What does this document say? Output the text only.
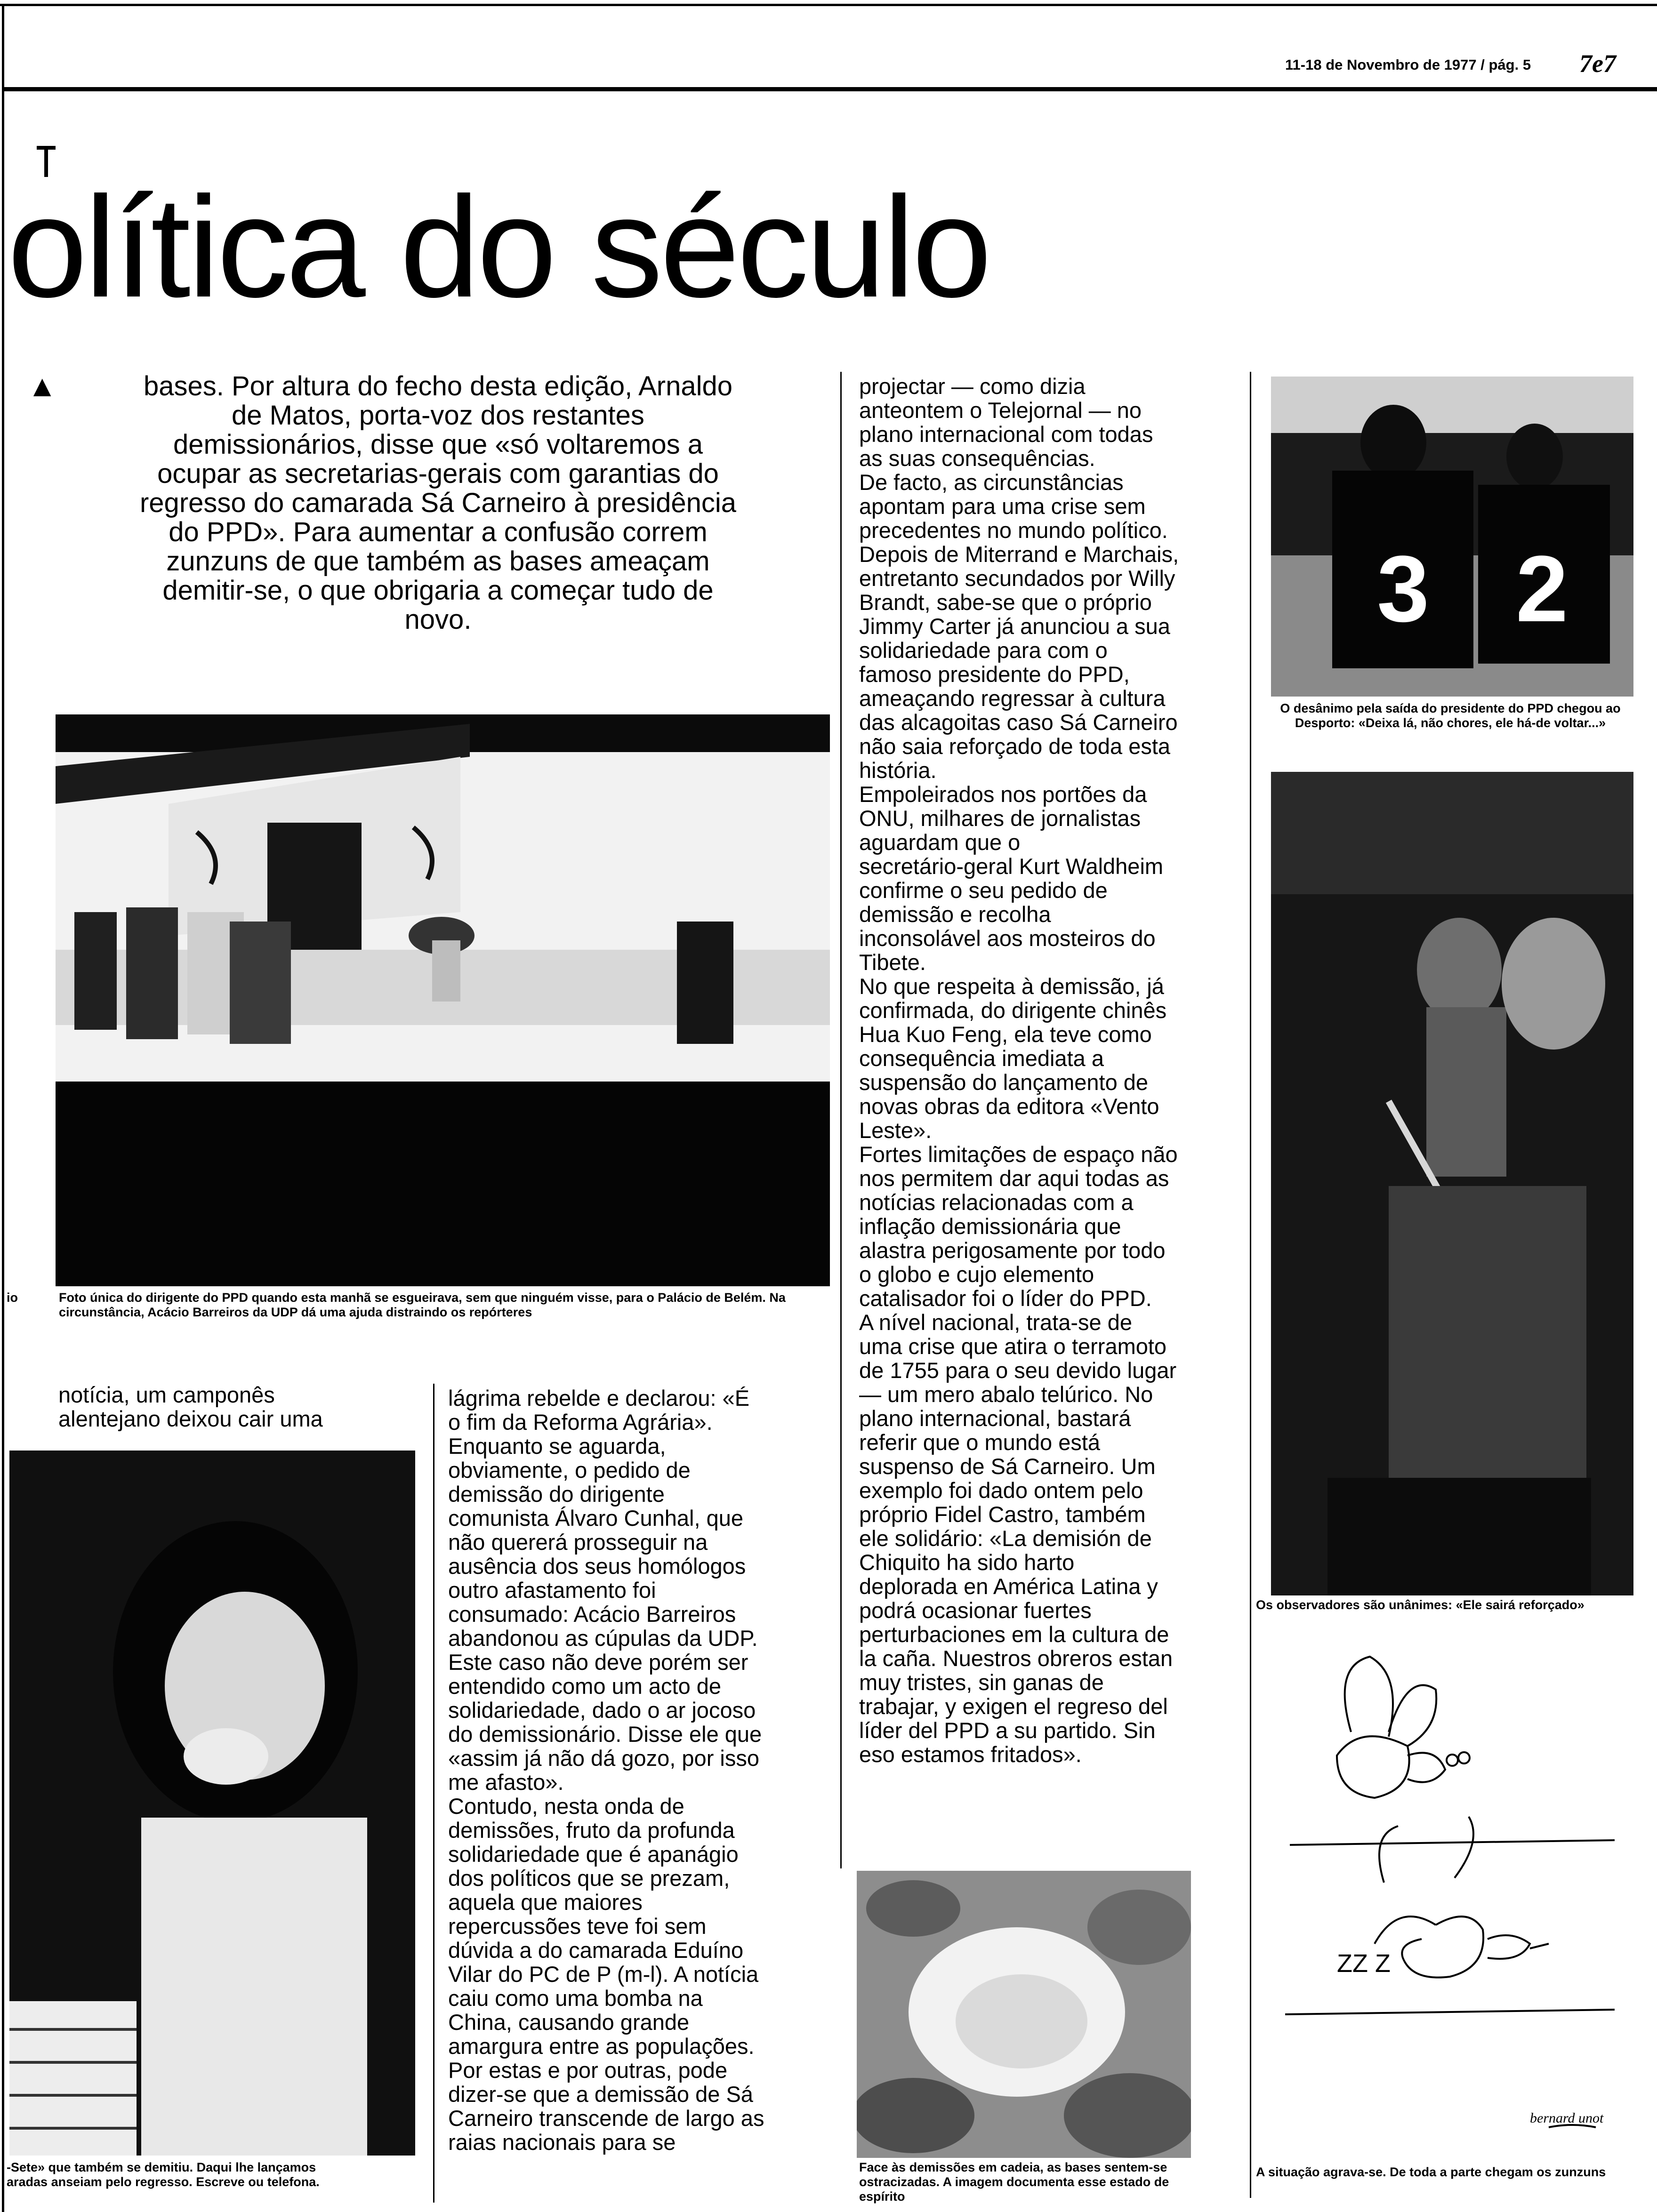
11-18 de Novembro de 1977 / pág. 5 7e7
olítica do século
▲	bases. Por altura do fecho desta edição, Arnaldo
de Matos, porta-voz dos restantes
demissionários, disse que «só voltaremos a
ocupar as secretarias-gerais com garantias do
regresso do camarada Sá Carneiro à presidência
do PPD». Para aumentar a confusão correm
zunzuns de que também as bases ameaçam
demitir-se, o que obrigaria a começar tudo de
novo.
Foto única do dirigente do PPD quando esta manhã se esgueirava, sem que ninguém visse, para o Palácio de Belém. Na circunstância, Acácio Barreiros da UDP dá uma ajuda distraindo os repórteres
io
3 2
O desânimo pela saída do presidente do PPD chegou ao Desporto: «Deixa lá, não chores, ele há-de voltar...»
Os observadores são unânimes: «Ele sairá reforçado»
-Sete» que também se demitiu. Daqui lhe lançamos
aradas anseiam pelo regresso. Escreve ou telefona.
Face às demissões em cadeia, as bases sentem-se ostracizadas. A imagem documenta esse estado de espírito
ZZ Z
bernard unot
A situação agrava-se. De toda a parte chegam os zunzuns
notícia, um camponês
alentejano deixou cair uma
lágrima rebelde e declarou: «É
o fim da Reforma Agrária».
Enquanto se aguarda,
obviamente, o pedido de
demissão do dirigente
comunista Álvaro Cunhal, que
não quererá prosseguir na
ausência dos seus homólogos
outro afastamento foi
consumado: Acácio Barreiros
abandonou as cúpulas da UDP.
Este caso não deve porém ser
entendido como um acto de
solidariedade, dado o ar jocoso
do demissionário. Disse ele que
«assim já não dá gozo, por isso
me afasto».
Contudo, nesta onda de
demissões, fruto da profunda
solidariedade que é apanágio
dos políticos que se prezam,
aquela que maiores
repercussões teve foi sem
dúvida a do camarada Eduíno
Vilar do PC de P (m-l). A notícia
caiu como uma bomba na
China, causando grande
amargura entre as populações.
Por estas e por outras, pode
dizer-se que a demissão de Sá
Carneiro transcende de largo as
raias nacionais para se
projectar — como dizia
anteontem o Telejornal — no
plano internacional com todas
as suas consequências.
De facto, as circunstâncias
apontam para uma crise sem
precedentes no mundo político.
Depois de Miterrand e Marchais,
entretanto secundados por Willy
Brandt, sabe-se que o próprio
Jimmy Carter já anunciou a sua
solidariedade para com o
famoso presidente do PPD,
ameaçando regressar à cultura
das alcagoitas caso Sá Carneiro
não saia reforçado de toda esta
história.
Empoleirados nos portões da
ONU, milhares de jornalistas
aguardam que o
secretário-geral Kurt Waldheim
confirme o seu pedido de
demissão e recolha
inconsolável aos mosteiros do
Tibete.
No que respeita à demissão, já
confirmada, do dirigente chinês
Hua Kuo Feng, ela teve como
consequência imediata a
suspensão do lançamento de
novas obras da editora «Vento
Leste».
Fortes limitações de espaço não
nos permitem dar aqui todas as
notícias relacionadas com a
inflação demissionária que
alastra perigosamente por todo
o globo e cujo elemento
catalisador foi o líder do PPD.
A nível nacional, trata-se de
uma crise que atira o terramoto
de 1755 para o seu devido lugar
— um mero abalo telúrico. No
plano internacional, bastará
referir que o mundo está
suspenso de Sá Carneiro. Um
exemplo foi dado ontem pelo
próprio Fidel Castro, também
ele solidário: «La demisión de
Chiquito ha sido harto
deplorada en América Latina y
podrá ocasionar fuertes
perturbaciones em la cultura de
la caña. Nuestros obreros estan
muy tristes, sin ganas de
trabajar, y exigen el regreso del
líder del PPD a su partido. Sin
eso estamos fritados».
